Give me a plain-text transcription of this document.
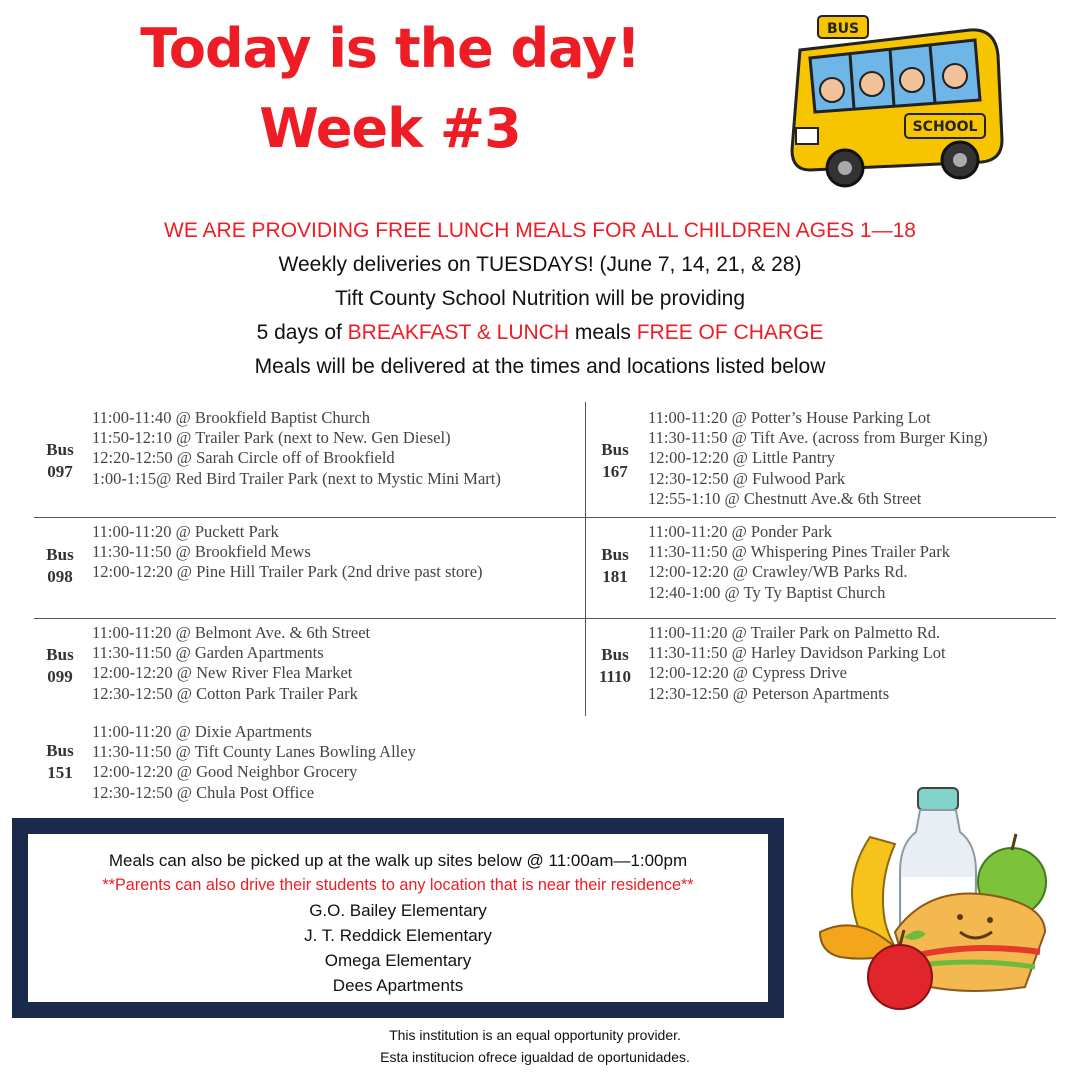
Today is the day!
Week #3
BUS
SCHOOL
WE ARE PROVIDING FREE LUNCH MEALS FOR ALL CHILDREN AGES 1—18
Weekly deliveries on TUESDAYS! (June 7, 14, 21, & 28)
Tift County School Nutrition will be providing
5 days of BREAKFAST & LUNCH meals FREE OF CHARGE
Meals will be delivered at the times and locations listed below
Bus
097
11:00-11:40 @ Brookfield Baptist Church
11:50-12:10 @ Trailer Park (next to New. Gen Diesel)
12:20-12:50 @ Sarah Circle off of Brookfield
1:00-1:15@ Red Bird Trailer Park (next to Mystic Mini Mart)
Bus
167
11:00-11:20 @ Potter’s House Parking Lot
11:30-11:50 @ Tift Ave. (across from Burger King)
12:00-12:20 @ Little Pantry
12:30-12:50 @ Fulwood Park
12:55-1:10 @ Chestnutt Ave.& 6th Street
Bus
098
11:00-11:20 @ Puckett Park
11:30-11:50 @ Brookfield Mews
12:00-12:20 @ Pine Hill Trailer Park (2nd drive past store)
Bus
181
11:00-11:20 @ Ponder Park
11:30-11:50 @ Whispering Pines Trailer Park
12:00-12:20 @ Crawley/WB Parks Rd.
12:40-1:00 @ Ty Ty Baptist Church
Bus
099
11:00-11:20 @ Belmont Ave. & 6th Street
11:30-11:50 @ Garden Apartments
12:00-12:20 @ New River Flea Market
12:30-12:50 @ Cotton Park Trailer Park
Bus
1110
11:00-11:20 @ Trailer Park on Palmetto Rd.
11:30-11:50 @ Harley Davidson Parking Lot
12:00-12:20 @ Cypress Drive
12:30-12:50 @ Peterson Apartments
Bus
151
11:00-11:20 @ Dixie Apartments
11:30-11:50 @ Tift County Lanes Bowling Alley
12:00-12:20 @ Good Neighbor Grocery
12:30-12:50 @ Chula Post Office
Meals can also be picked up at the walk up sites below @ 11:00am—1:00pm
**Parents can also drive their students to any location that is near their residence**
G.O. Bailey Elementary
J. T. Reddick Elementary
Omega Elementary
Dees Apartments
This institution is an equal opportunity provider.
Esta institucion ofrece igualdad de oportunidades.
